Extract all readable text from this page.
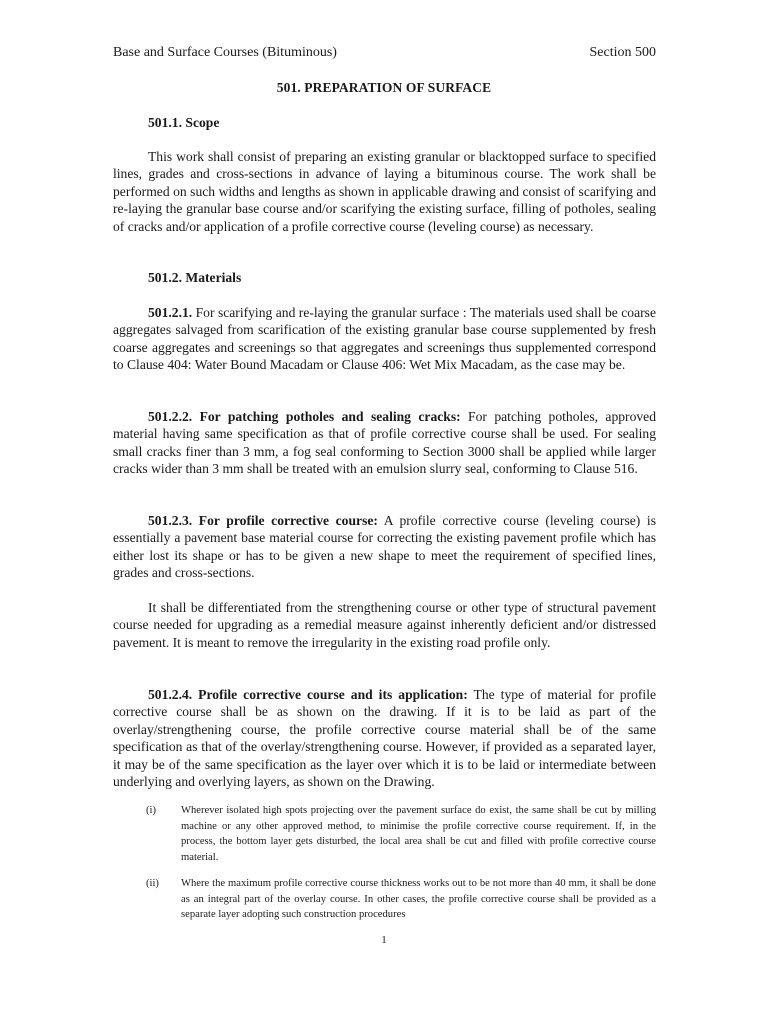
Base and Surface Courses (Bituminous)	Section 500
501. PREPARATION OF SURFACE
501.1. Scope
This work shall consist of preparing an existing granular or blacktopped surface to specified lines, grades and cross-sections in advance of laying a bituminous course. The work shall be performed on such widths and lengths as shown in applicable drawing and consist of scarifying and re-laying the granular base course and/or scarifying the existing surface, filling of potholes, sealing of cracks and/or application of a profile corrective course (leveling course) as necessary.
501.2. Materials
501.2.1. For scarifying and re-laying the granular surface : The materials used shall be coarse aggregates salvaged from scarification of the existing granular base course supplemented by fresh coarse aggregates and screenings so that aggregates and screenings thus supplemented correspond to Clause 404: Water Bound Macadam or Clause 406: Wet Mix Macadam, as the case may be.
501.2.2. For patching potholes and sealing cracks: For patching potholes, approved material having same specification as that of profile corrective course shall be used. For sealing small cracks finer than 3 mm, a fog seal conforming to Section 3000 shall be applied while larger cracks wider than 3 mm shall be treated with an emulsion slurry seal, conforming to Clause 516.
501.2.3. For profile corrective course: A profile corrective course (leveling course) is essentially a pavement base material course for correcting the existing pavement profile which has either lost its shape or has to be given a new shape to meet the requirement of specified lines, grades and cross-sections.
It shall be differentiated from the strengthening course or other type of structural pavement course needed for upgrading as a remedial measure against inherently deficient and/or distressed pavement. It is meant to remove the irregularity in the existing road profile only.
501.2.4. Profile corrective course and its application: The type of material for profile corrective course shall be as shown on the drawing. If it is to be laid as part of the overlay/strengthening course, the profile corrective course material shall be of the same specification as that of the overlay/strengthening course. However, if provided as a separated layer, it may be of the same specification as the layer over which it is to be laid or intermediate between underlying and overlying layers, as shown on the Drawing.
(i)	Wherever isolated high spots projecting over the pavement surface do exist, the same shall be cut by milling machine or any other approved method, to minimise the profile corrective course requirement. If, in the process, the bottom layer gets disturbed, the local area shall be cut and filled with profile corrective course material.
(ii)	Where the maximum profile corrective course thickness works out to be not more than 40 mm, it shall be done as an integral part of the overlay course. In other cases, the profile corrective course shall be provided as a separate layer adopting such construction procedures
1
